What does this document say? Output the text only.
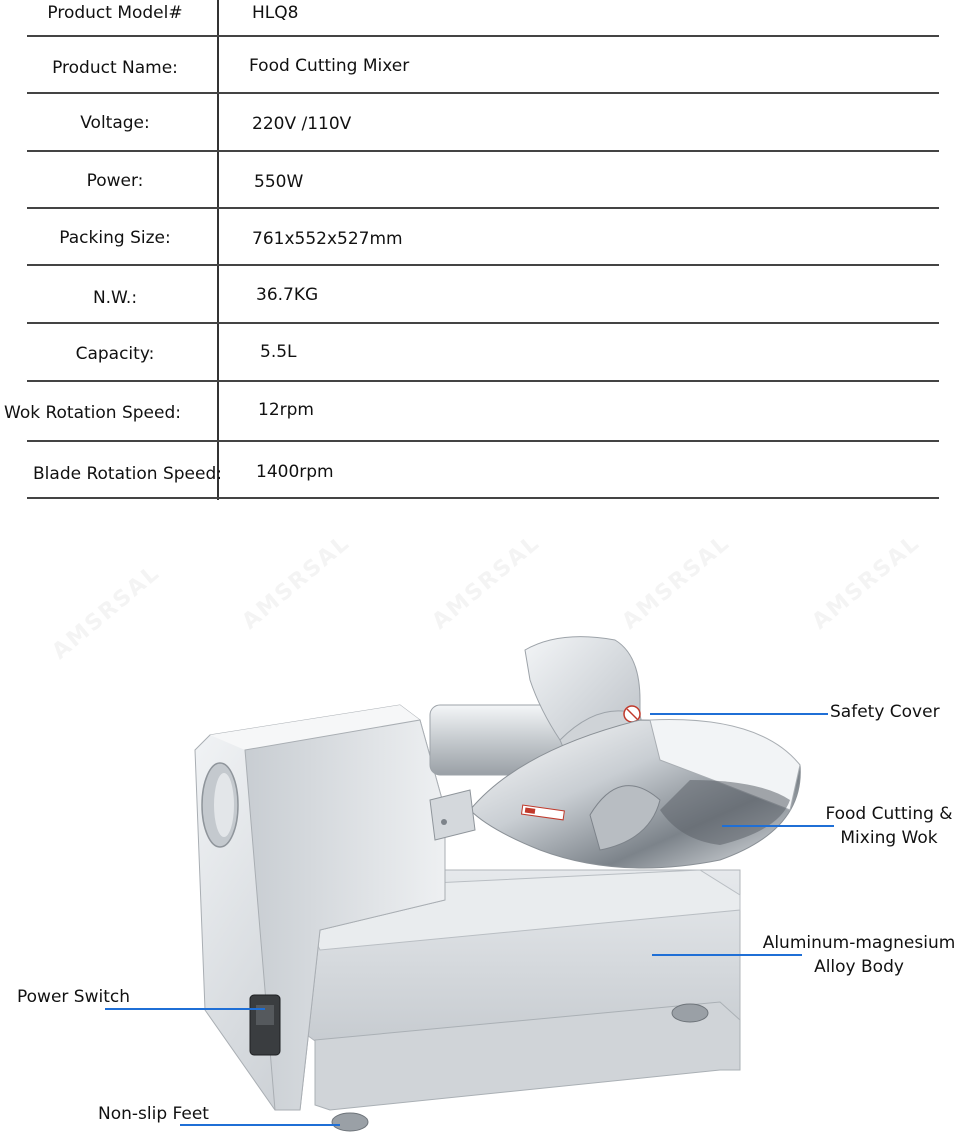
Product Model#	HLQ8
Product Name:	Food Cutting Mixer
Voltage:	220V /110V
Power:	550W
Packing Size:	761x552x527mm
N.W.:	36.7KG
Capacity:	5.5L
Wok Rotation Speed:	12rpm
Blade Rotation Speed: 1400rpm
AMSRSAL	AMSRSAL	AMSRSAL	AMSRSAL	AMSRSAL
Safety Cover
Food Cutting &
Mixing Wok
Aluminum-magnesium
Alloy Body
Power Switch
Non-slip Feet
